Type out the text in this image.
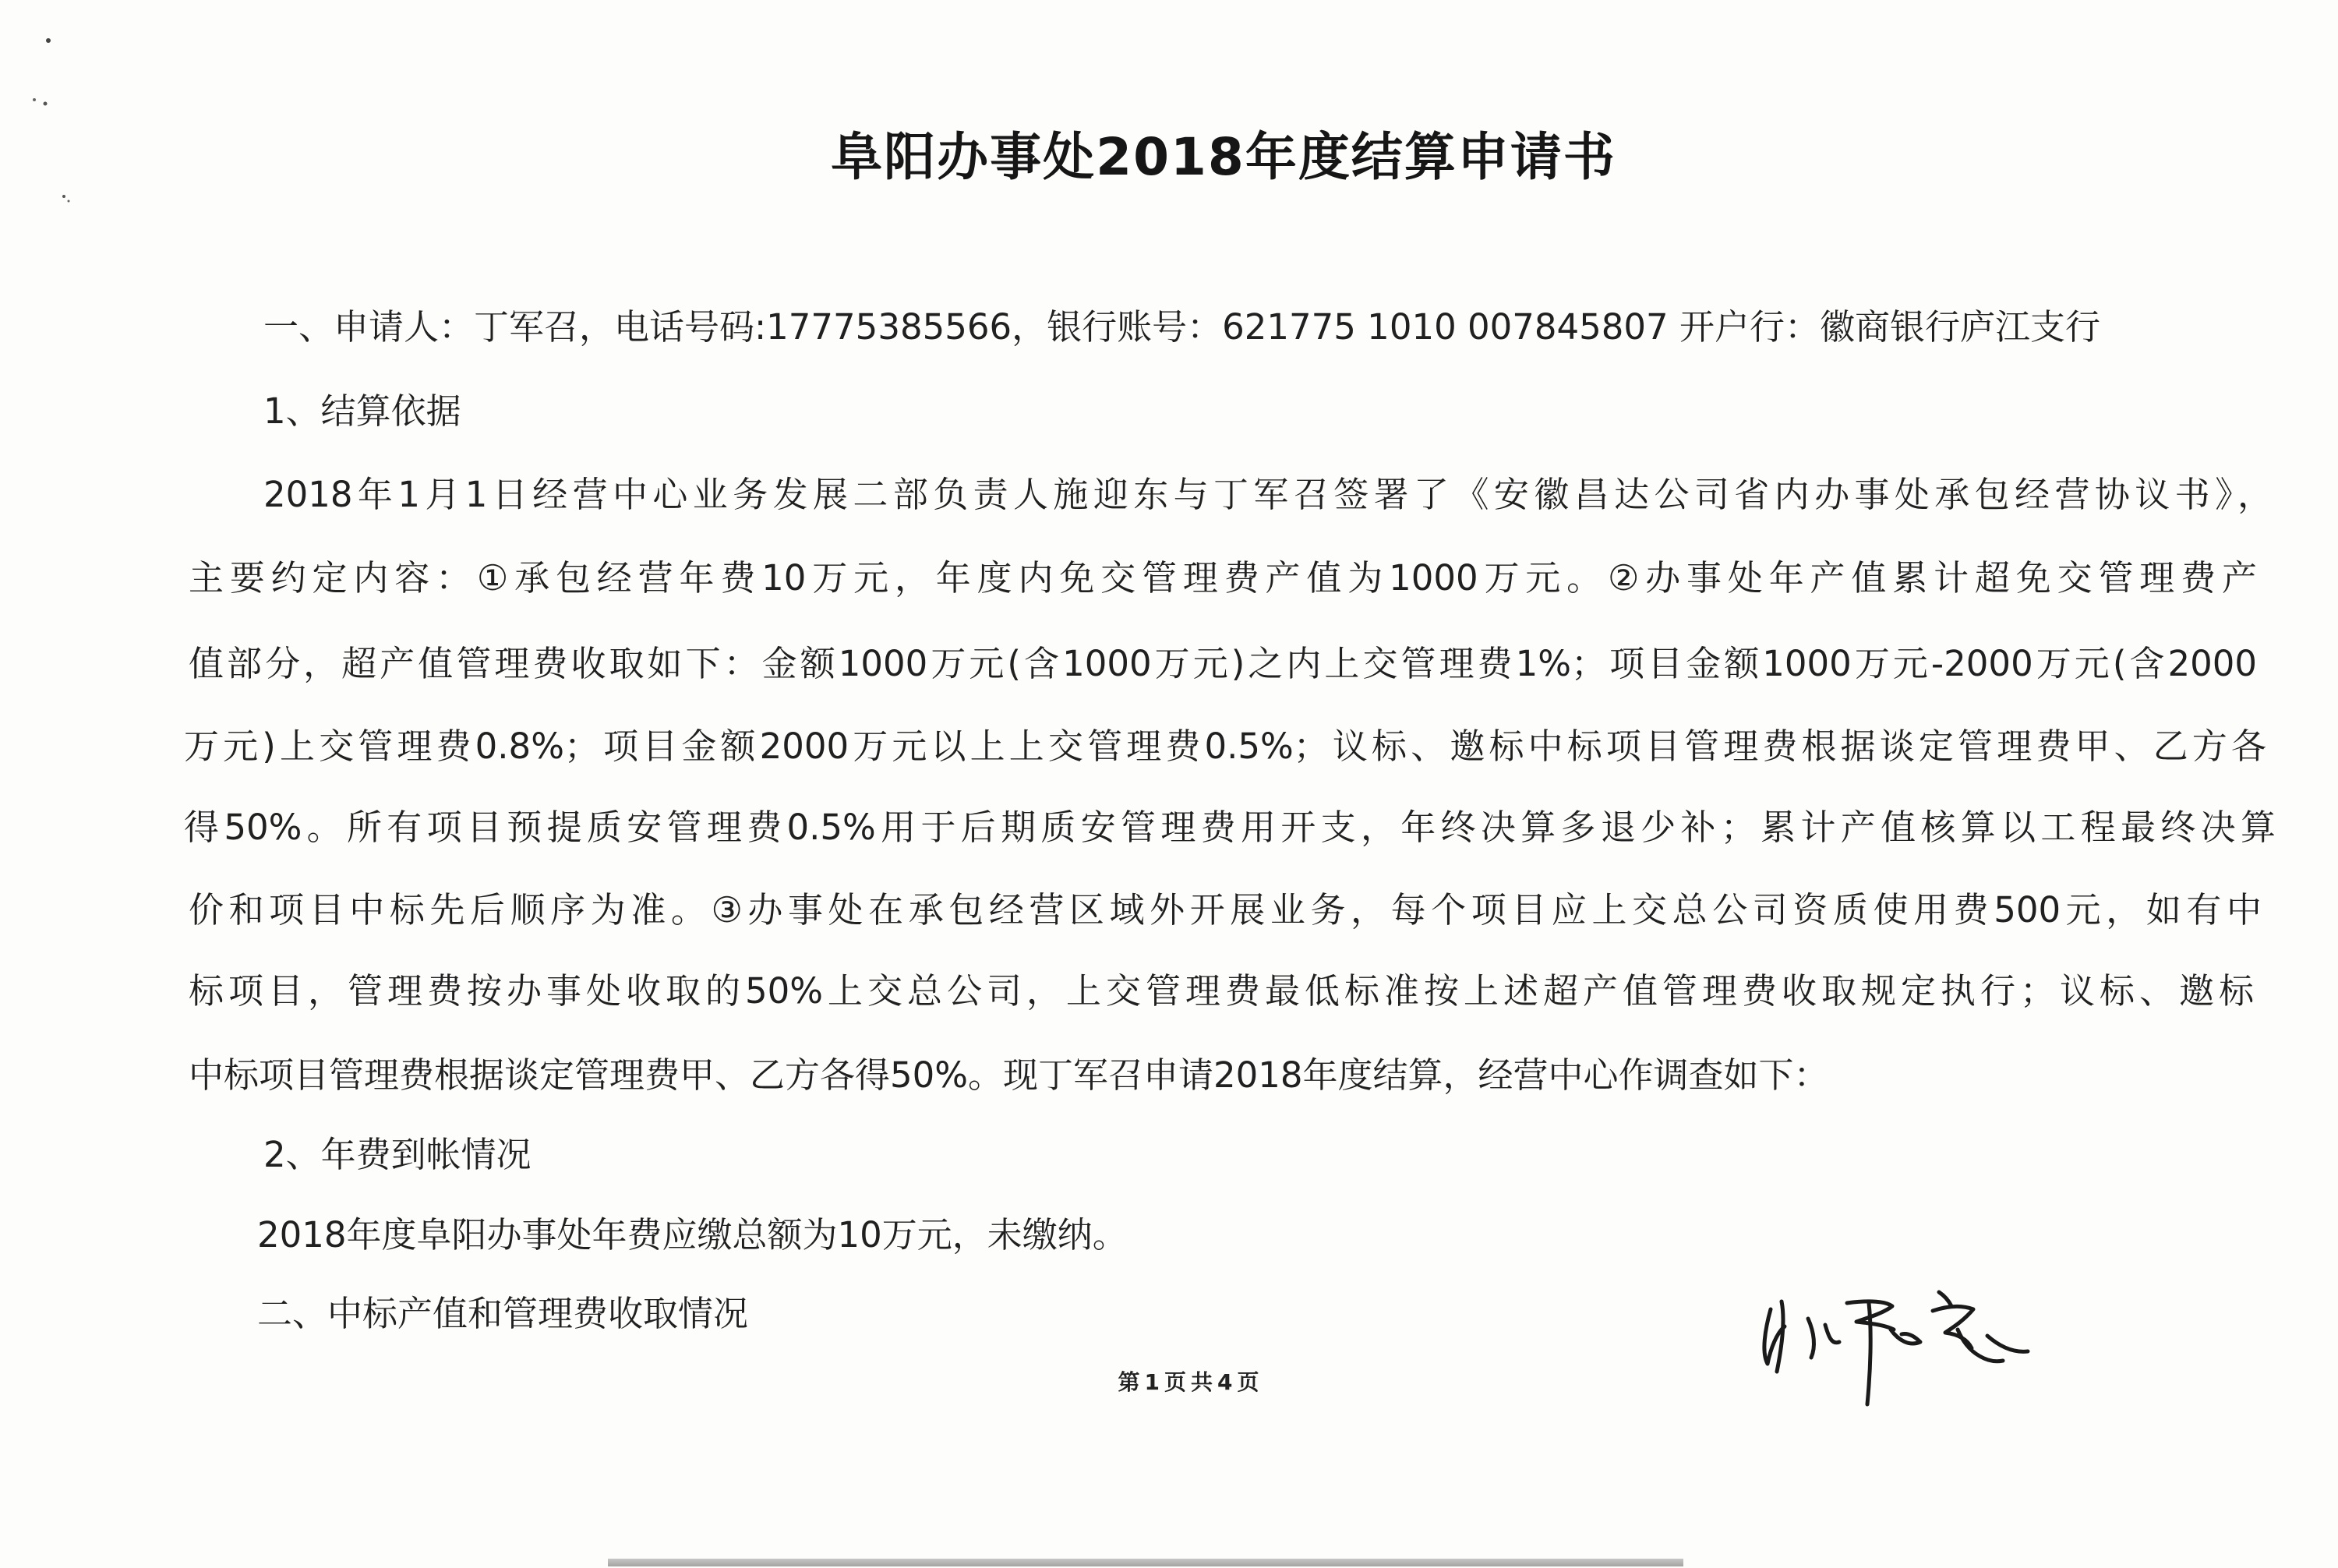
阜阳办事处2018年度结算申请书
一、申请人：丁军召，电话号码:17775385566，银行账号：621775 1010 007845807 开户行：徽商银行庐江支行
1、结算依据
2018年1月1日经营中心业务发展二部负责人施迎东与丁军召签署了《安徽昌达公司省内办事处承包经营协议书》，
主要约定内容：①承包经营年费10万元，年度内免交管理费产值为1000万元。②办事处年产值累计超免交管理费产
值部分，超产值管理费收取如下：金额1000万元(含1000万元)之内上交管理费1%；项目金额1000万元-2000万元(含2000
万元)上交管理费0.8%；项目金额2000万元以上上交管理费0.5%；议标、邀标中标项目管理费根据谈定管理费甲、乙方各
得50%。所有项目预提质安管理费0.5%用于后期质安管理费用开支，年终决算多退少补；累计产值核算以工程最终决算
价和项目中标先后顺序为准。③办事处在承包经营区域外开展业务，每个项目应上交总公司资质使用费500元，如有中
标项目，管理费按办事处收取的50%上交总公司，上交管理费最低标准按上述超产值管理费收取规定执行；议标、邀标
中标项目管理费根据谈定管理费甲、乙方各得50%。现丁军召申请2018年度结算，经营中心作调查如下：
2、年费到帐情况
2018年度阜阳办事处年费应缴总额为10万元，未缴纳。
二、中标产值和管理费收取情况
第1页共4页
